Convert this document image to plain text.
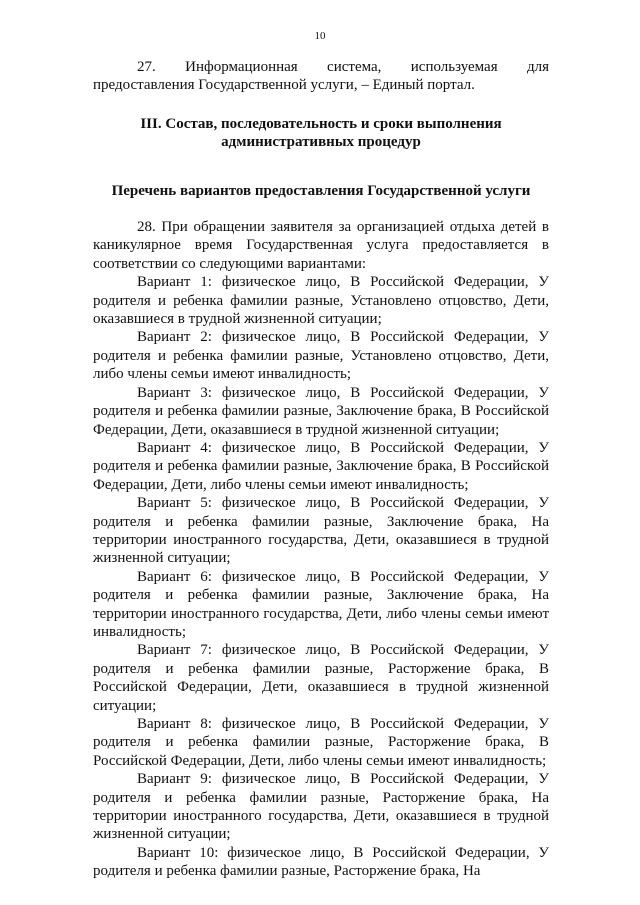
10

27. Информационная система, используемая для предоставления Государственной услуги, – Единый портал.

III. Состав, последовательность и сроки выполнения административных процедур
Перечень вариантов предоставления Государственной услуги

28. При обращении заявителя за организацией отдыха детей в каникулярное время Государственная услуга предоставляется в соответствии со следующими вариантами:

Вариант 1: физическое лицо, В Российской Федерации, У родителя и ребенка фамилии разные, Установлено отцовство, Дети, оказавшиеся в трудной жизненной ситуации;

Вариант 2: физическое лицо, В Российской Федерации, У родителя и ребенка фамилии разные, Установлено отцовство, Дети, либо члены семьи имеют инвалидность;

Вариант 3: физическое лицо, В Российской Федерации, У родителя и ребенка фамилии разные, Заключение брака, В Российской Федерации, Дети, оказавшиеся в трудной жизненной ситуации;

Вариант 4: физическое лицо, В Российской Федерации, У родителя и ребенка фамилии разные, Заключение брака, В Российской Федерации, Дети, либо члены семьи имеют инвалидность;

Вариант 5: физическое лицо, В Российской Федерации, У родителя и ребенка фамилии разные, Заключение брака, На территории иностранного государства, Дети, оказавшиеся в трудной жизненной ситуации;

Вариант 6: физическое лицо, В Российской Федерации, У родителя и ребенка фамилии разные, Заключение брака, На территории иностранного государства, Дети, либо члены семьи имеют инвалидность;

Вариант 7: физическое лицо, В Российской Федерации, У родителя и ребенка фамилии разные, Расторжение брака, В Российской Федерации, Дети, оказавшиеся в трудной жизненной ситуации;

Вариант 8: физическое лицо, В Российской Федерации, У родителя и ребенка фамилии разные, Расторжение брака, В Российской Федерации, Дети, либо члены семьи имеют инвалидность;

Вариант 9: физическое лицо, В Российской Федерации, У родителя и ребенка фамилии разные, Расторжение брака, На территории иностранного государства, Дети, оказавшиеся в трудной жизненной ситуации;

Вариант 10: физическое лицо, В Российской Федерации, У родителя и ребенка фамилии разные, Расторжение брака, На
